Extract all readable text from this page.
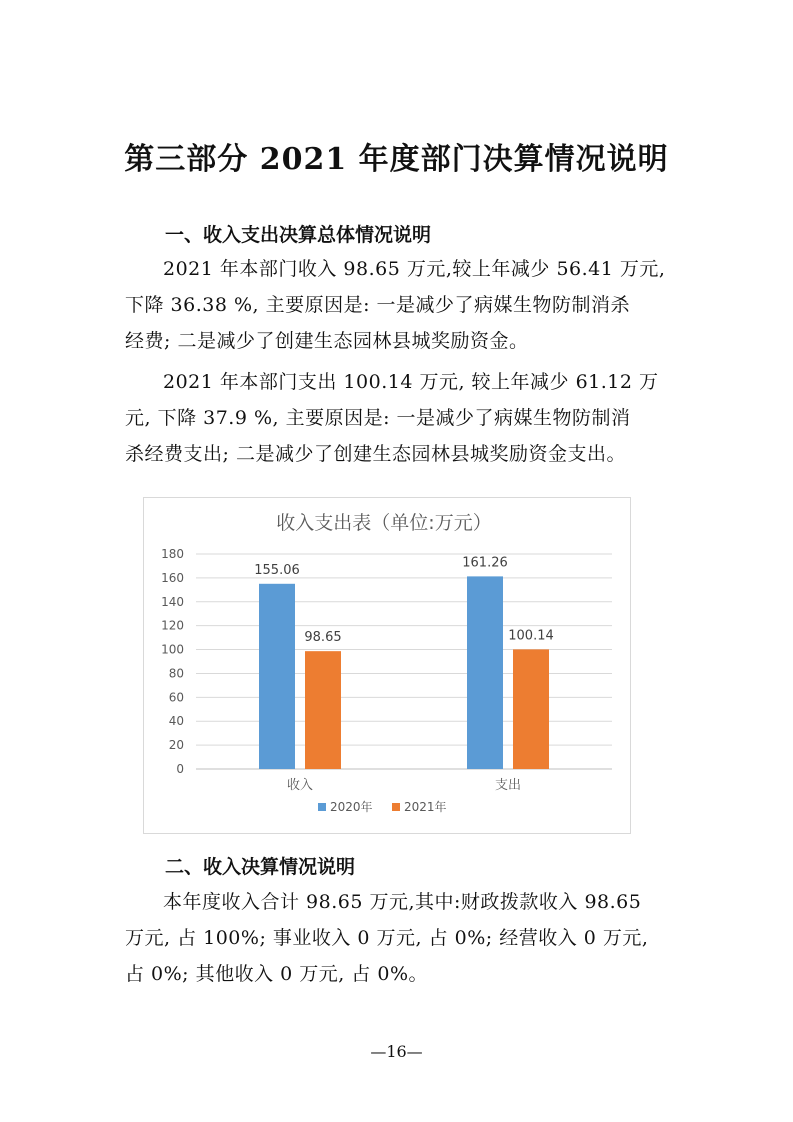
第三部分 2021 年度部门决算情况说明
一、收入支出决算总体情况说明
2021 年本部门收入 98.65 万元,较上年减少 56.41 万元,
下降 36.38 %, 主要原因是: 一是减少了病媒生物防制消杀
经费; 二是减少了创建生态园林县城奖励资金。
2021 年本部门支出 100.14 万元, 较上年减少 61.12 万
元, 下降 37.9 %, 主要原因是: 一是减少了病媒生物防制消
杀经费支出; 二是减少了创建生态园林县城奖励资金支出。
收入支出表（单位:万元）
0
20
40
60
80
100
120
140
160
180
155.06
98.65
收入
161.26
100.14
支出
2020年	2021年
二、收入决算情况说明
本年度收入合计 98.65 万元,其中:财政拨款收入 98.65
万元, 占 100%; 事业收入 0 万元, 占 0%; 经营收入 0 万元,
占 0%; 其他收入 0 万元, 占 0%。
—16—
